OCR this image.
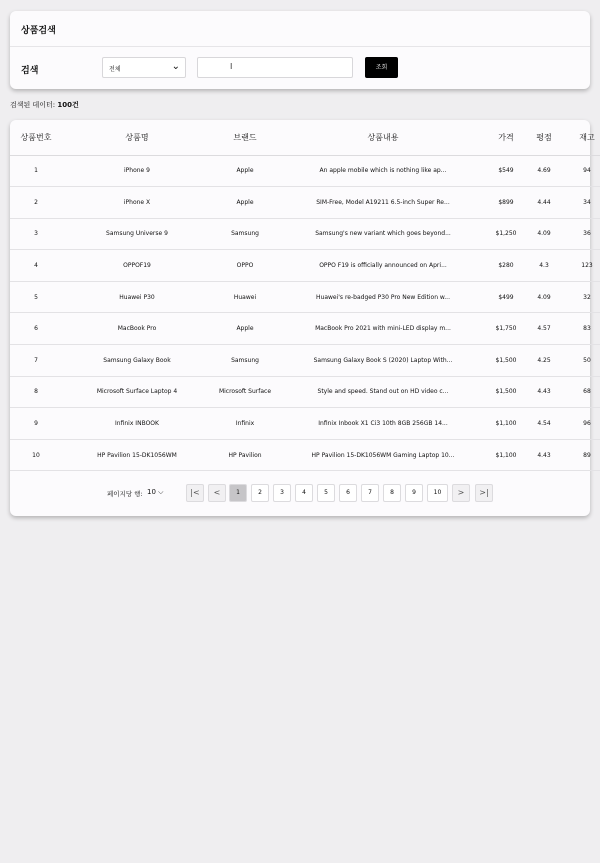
상품검색
검색	전체	⌄	I	조회
검색된 데이터: 100건
상품번호	상품명	브랜드	상품내용	가격	평점	재고
1	iPhone 9	Apple	An apple mobile which is nothing like ap...	$549	4.69	94
2	iPhone X	Apple	SIM-Free, Model A19211 6.5-inch Super Re...	$899	4.44	34
3	Samsung Universe 9	Samsung	Samsung's new variant which goes beyond...	$1,250	4.09	36
4	OPPOF19	OPPO	OPPO F19 is officially announced on Apri...	$280	4.3	123
5	Huawei P30	Huawei	Huawei's re-badged P30 Pro New Edition w...	$499	4.09	32
6	MacBook Pro	Apple	MacBook Pro 2021 with mini-LED display m...	$1,750	4.57	83
7	Samsung Galaxy Book	Samsung	Samsung Galaxy Book S (2020) Laptop With...	$1,500	4.25	50
8	Microsoft Surface Laptop 4	Microsoft Surface	Style and speed. Stand out on HD video c...	$1,500	4.43	68
9	Infinix INBOOK	Infinix	Infinix Inbook X1 Ci3 10th 8GB 256GB 14...	$1,100	4.54	96
10	HP Pavilion 15-DK1056WM	HP Pavilion	HP Pavilion 15-DK1056WM Gaming Laptop 10...	$1,100	4.43	89
페이지당 행: 10 ⌵	|<	<	1	2	3	4	5	6	7	8	9	10	>	>|
